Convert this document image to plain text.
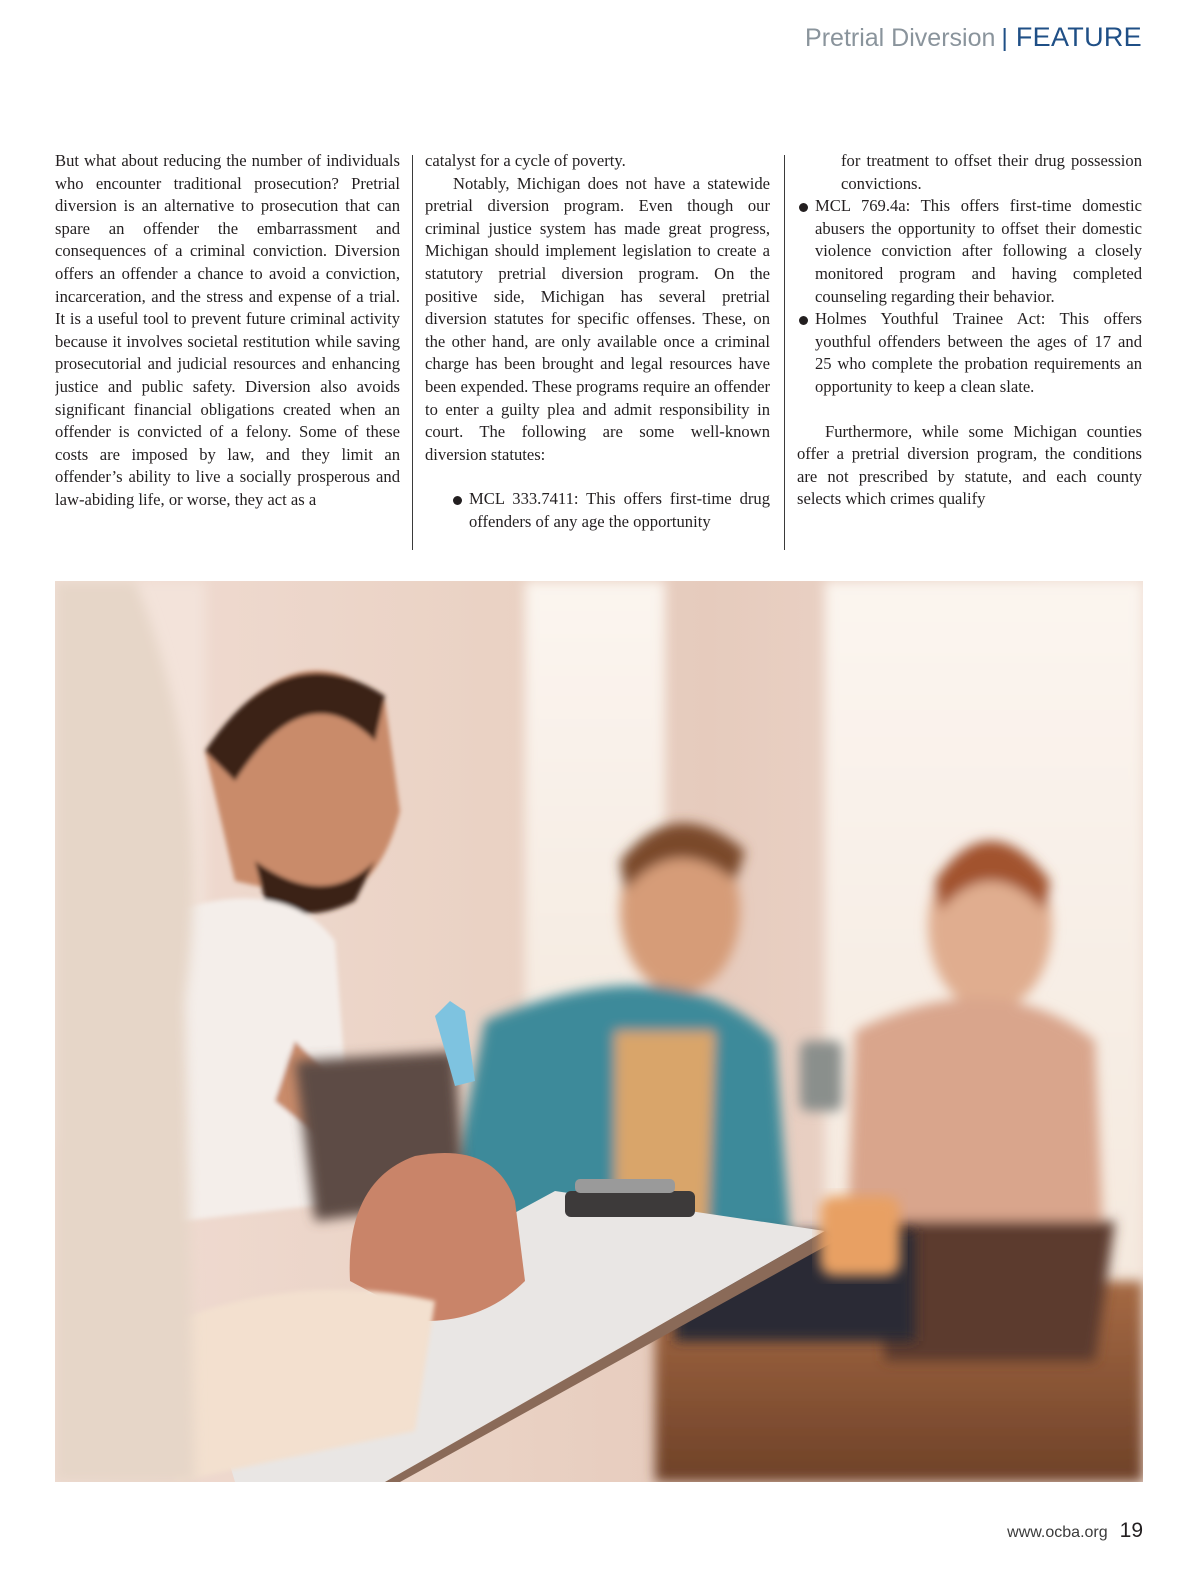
Pretrial Diversion | FEATURE

But what about reducing the number of individuals who encounter traditional prosecution? Pretrial diversion is an alternative to prosecution that can spare an offender the embarrassment and consequences of a criminal conviction. Diversion offers an offender a chance to avoid a conviction, incarceration, and the stress and expense of a trial. It is a useful tool to prevent future criminal activity because it involves societal restitution while saving prosecutorial and judicial resources and enhancing justice and public safety. Diversion also avoids significant financial obligations created when an offender is convicted of a felony. Some of these costs are imposed by law, and they limit an offender’s ability to live a socially prosperous and law-abiding life, or worse, they act as a

catalyst for a cycle of poverty.

Notably, Michigan does not have a statewide pretrial diversion program. Even though our criminal justice system has made great progress, Michigan should implement legislation to create a statutory pretrial diversion program. On the positive side, Michigan has several pretrial diversion statutes for specific offenses. These, on the other hand, are only available once a criminal charge has been brought and legal resources have been expended. These programs require an offender to enter a guilty plea and admit responsibility in court. The following are some well-known diversion statutes:

MCL 333.7411: This offers first-time drug offenders of any age the opportunity

for treatment to offset their drug possession convictions.

MCL 769.4a: This offers first-time domestic abusers the opportunity to offset their domestic violence conviction after following a closely monitored program and having completed counseling regarding their behavior.
Holmes Youthful Trainee Act: This offers youthful offenders between the ages of 17 and 25 who complete the probation requirements an opportunity to keep a clean slate.

Furthermore, while some Michigan counties offer a pretrial diversion program, the conditions are not prescribed by statute, and each county selects which crimes qualify

www.ocba.org 19
